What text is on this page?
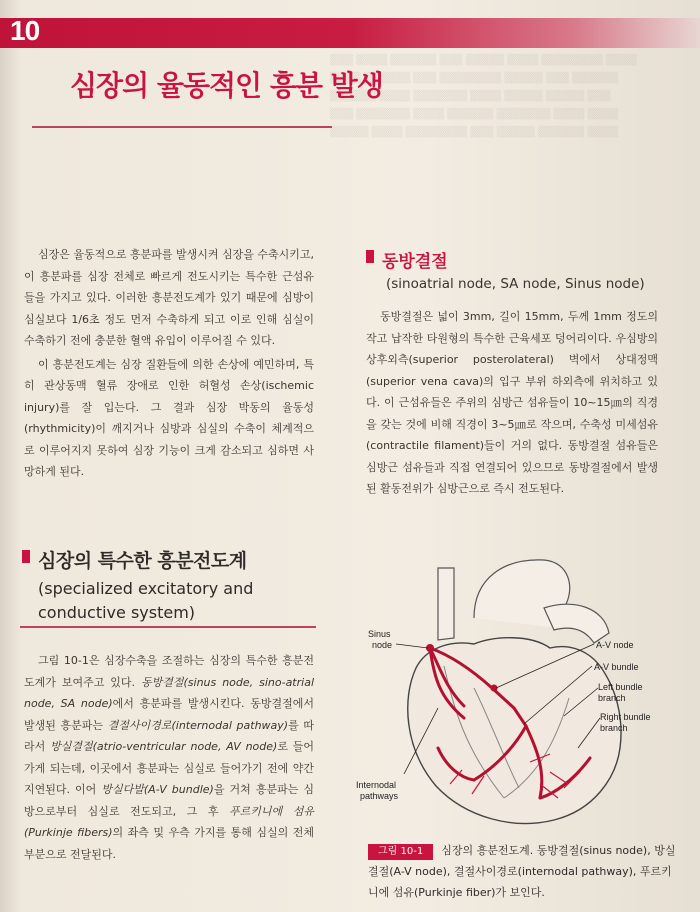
▒▒▒ ▒▒▒▒ ▒▒▒▒▒▒ ▒▒▒ ▒▒▒▒▒ ▒▒▒▒ ▒▒▒▒▒▒▒▒ ▒▒▒▒
▒▒▒▒ ▒▒▒▒▒▒ ▒▒▒ ▒▒▒▒▒▒▒▒ ▒▒▒▒▒ ▒▒▒ ▒▒▒▒▒▒
▒▒▒▒▒▒ ▒▒▒▒ ▒▒▒▒▒▒▒ ▒▒▒▒ ▒▒▒▒▒ ▒▒▒▒▒ ▒▒▒
▒▒▒ ▒▒▒▒▒▒▒ ▒▒▒▒ ▒▒▒▒▒▒ ▒▒▒▒▒▒▒ ▒▒▒▒ ▒▒▒▒
▒▒▒▒▒ ▒▒▒▒ ▒▒▒▒▒▒▒▒ ▒▒▒ ▒▒▒▒▒ ▒▒▒▒▒▒ ▒▒▒▒
10
심장의 율동적인 흥분 발생

심장은 율동적으로 흥분파를 발생시켜 심장을 수축시키고, 이 흥분파를 심장 전체로 빠르게 전도시키는 특수한 근섬유들을 가지고 있다. 이러한 흥분전도계가 있기 때문에 심방이 심실보다 1/6초 정도 먼저 수축하게 되고 이로 인해 심실이 수축하기 전에 충분한 혈액 유입이 이루어질 수 있다.

이 흥분전도계는 심장 질환들에 의한 손상에 예민하며, 특히 관상동맥 혈류 장애로 인한 허혈성 손상(ischemic injury)를 잘 입는다. 그 결과 심장 박동의 율동성(rhythmicity)이 깨지거나 심방과 심실의 수축이 체계적으로 이루어지지 못하여 심장 기능이 크게 감소되고 심하면 사망하게 된다.

심장의 특수한 흥분전도계
(specialized excitatory and
conductive system)

그림 10-1은 심장수축을 조절하는 심장의 특수한 흥분전도계가 보여주고 있다. 동방결절(sinus node, sino-atrial node, SA node)에서 흥분파를 발생시킨다. 동방결절에서 발생된 흥분파는 결절사이경로(internodal pathway)를 따라서 방실결절(atrio-ventricular node, AV node)로 들어가게 되는데, 이곳에서 흥분파는 심실로 들어가기 전에 약간 지연된다. 이어 방실다발(A-V bundle)을 거쳐 흥분파는 심방으로부터 심실로 전도되고, 그 후 푸르키니에 섬유(Purkinje fibers)의 좌측 및 우측 가지를 통해 심실의 전체부분으로 전달된다.

동방결절
(sinoatrial node, SA node, Sinus node)

동방결절은 넓이 3mm, 길이 15mm, 두께 1mm 정도의 작고 납작한 타원형의 특수한 근육세포 덩어리이다. 우심방의 상후외측(superior posterolateral) 벽에서 상대정맥(superior vena cava)의 입구 부위 하외측에 위치하고 있다. 이 근섬유들은 주위의 심방근 섬유들이 10~15㎛의 직경을 갖는 것에 비해 직경이 3~5㎛로 작으며, 수축성 미세섬유(contractile filament)들이 거의 없다. 동방결절 섬유들은 심방근 섬유들과 직접 연결되어 있으므로 동방결절에서 발생된 활동전위가 심방근으로 즉시 전도된다.

Sinus
node	A-V node
A-V bundle
Left bundle
branch
Right bundle
branch
Internodal
pathways
그림 10-1 심장의 흥분전도계. 동방결절(sinus node), 방실결절(A-V node), 결절사이경로(internodal pathway), 푸르키니에 섬유(Purkinje fiber)가 보인다.
